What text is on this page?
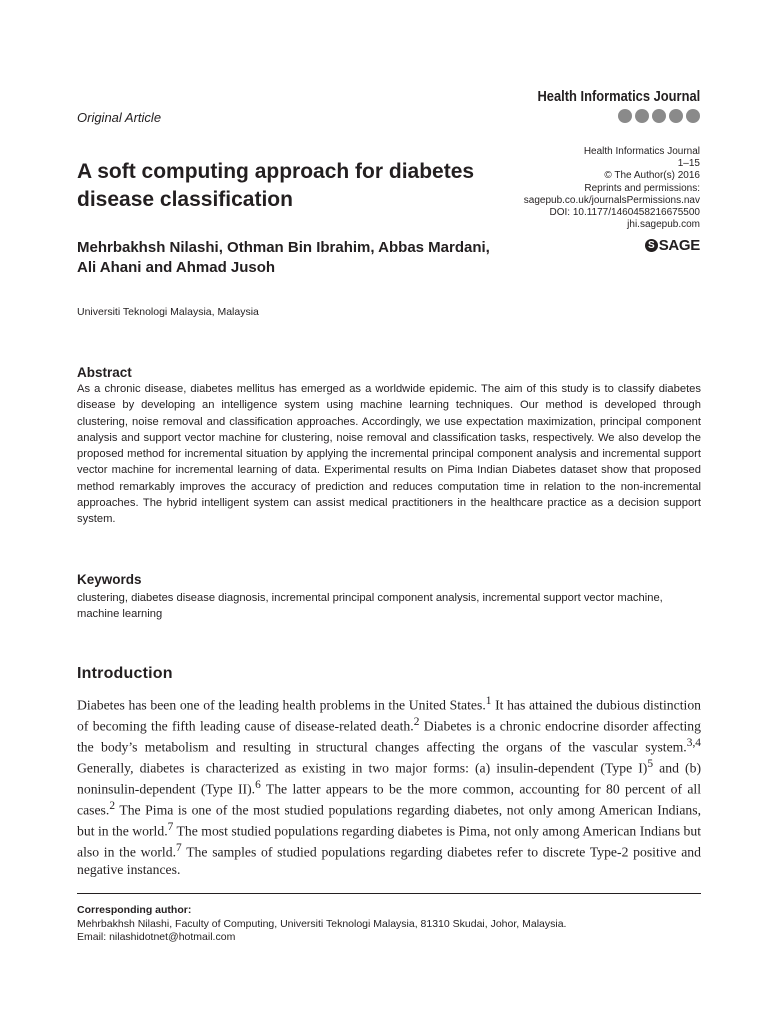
Health Informatics Journal
Original Article
Health Informatics Journal
1–15
© The Author(s) 2016
Reprints and permissions:
sagepub.co.uk/journalsPermissions.nav
DOI: 10.1177/1460458216675500
jhi.sagepub.com
S SAGE
A soft computing approach for diabetes disease classification
Mehrbakhsh Nilashi, Othman Bin Ibrahim, Abbas Mardani, Ali Ahani and Ahmad Jusoh
Universiti Teknologi Malaysia, Malaysia
Abstract

As a chronic disease, diabetes mellitus has emerged as a worldwide epidemic. The aim of this study is to classify diabetes disease by developing an intelligence system using machine learning techniques. Our method is developed through clustering, noise removal and classification approaches. Accordingly, we use expectation maximization, principal component analysis and support vector machine for clustering, noise removal and classification tasks, respectively. We also develop the proposed method for incremental situation by applying the incremental principal component analysis and incremental support vector machine for incremental learning of data. Experimental results on Pima Indian Diabetes dataset show that proposed method remarkably improves the accuracy of prediction and reduces computation time in relation to the non-incremental approaches. The hybrid intelligent system can assist medical practitioners in the healthcare practice as a decision support system.

Keywords

clustering, diabetes disease diagnosis, incremental principal component analysis, incremental support vector machine, machine learning

Introduction

Diabetes has been one of the leading health problems in the United States.$^1$ It has attained the dubious distinction of becoming the fifth leading cause of disease-related death.$^2$ Diabetes is a chronic endocrine disorder affecting the body’s metabolism and resulting in structural changes affecting the organs of the vascular system.$^{3,4}$ Generally, diabetes is characterized as existing in two major forms: (a) insulin-dependent (Type I)$^5$ and (b) noninsulin-dependent (Type II).$^6$ The latter appears to be the more common, accounting for 80 percent of all cases.$^2$ The Pima is one of the most studied populations regarding diabetes, not only among American Indians, but in the world.$^7$ The most studied populations regarding diabetes is Pima, not only among American Indians but also in the world.$^7$ The samples of studied populations regarding diabetes refer to discrete Type-2 positive and negative instances.

Corresponding author:
Mehrbakhsh Nilashi, Faculty of Computing, Universiti Teknologi Malaysia, 81310 Skudai, Johor, Malaysia.
Email: nilashidotnet@hotmail.com
